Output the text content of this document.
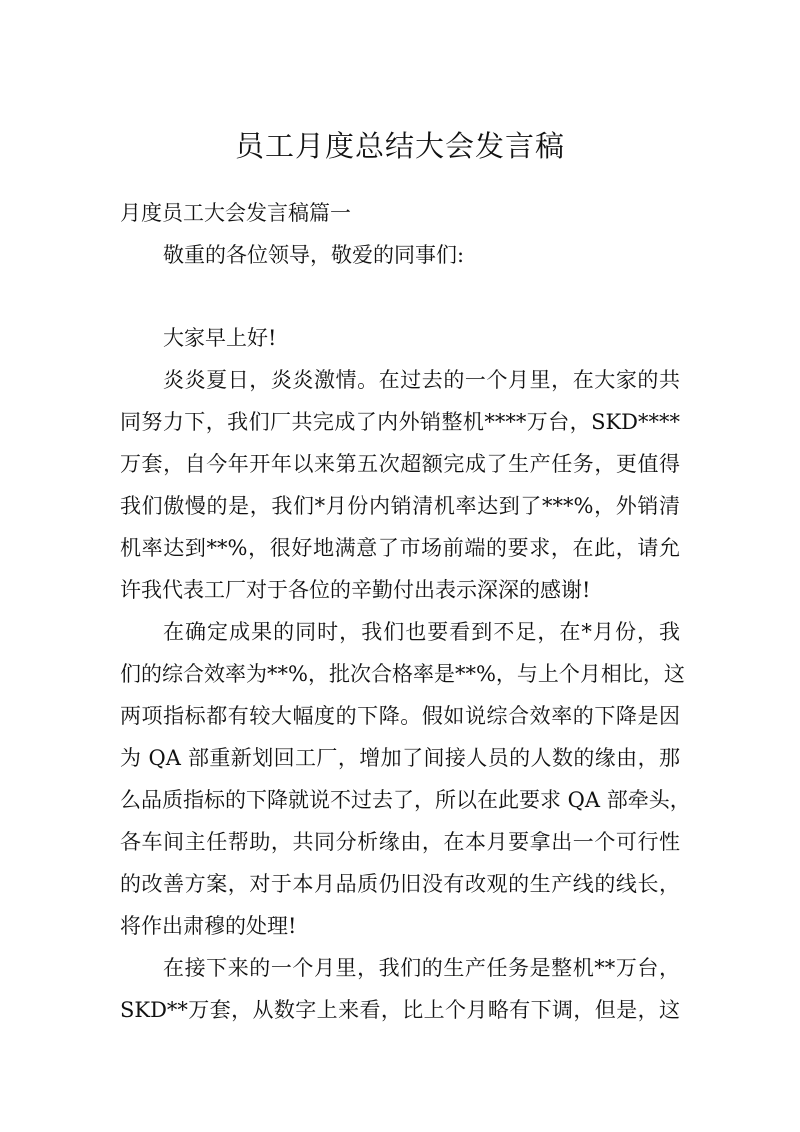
员工月度总结大会发言稿
月度员工大会发言稿篇一
敬重的各位领导，敬爱的同事们:
大家早上好!
炎炎夏日，炎炎激情。在过去的一个月里，在大家的共
同努力下，我们厂共完成了内外销整机****万台，SKD****
万套，自今年开年以来第五次超额完成了生产任务，更值得
我们傲慢的是，我们*月份内销清机率达到了***%，外销清
机率达到**%，很好地满意了市场前端的要求，在此，请允
许我代表工厂对于各位的辛勤付出表示深深的感谢!
在确定成果的同时，我们也要看到不足，在*月份，我
们的综合效率为**%，批次合格率是**%，与上个月相比，这
两项指标都有较大幅度的下降。假如说综合效率的下降是因
为 QA 部重新划回工厂，增加了间接人员的人数的缘由，那
么品质指标的下降就说不过去了，所以在此要求 QA 部牵头，
各车间主任帮助，共同分析缘由，在本月要拿出一个可行性
的改善方案，对于本月品质仍旧没有改观的生产线的线长，
将作出肃穆的处理!
在接下来的一个月里，我们的生产任务是整机**万台，
SKD**万套，从数字上来看，比上个月略有下调，但是，这
